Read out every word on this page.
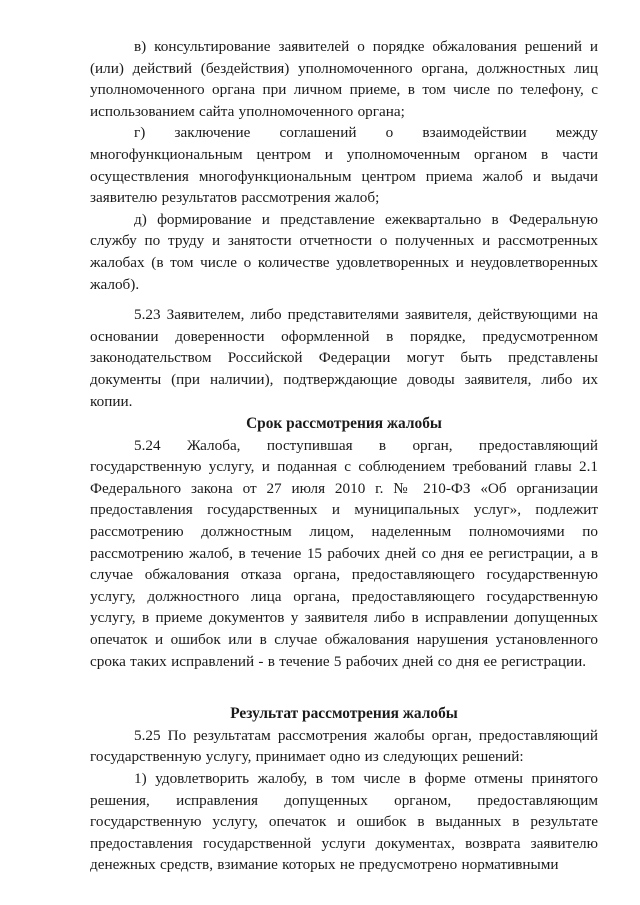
в) консультирование заявителей о порядке обжалования решений и (или) действий (бездействия) уполномоченного органа, должностных лиц уполномоченного органа при личном приеме, в том числе по телефону, с использованием сайта уполномоченного органа;

г) заключение соглашений о взаимодействии между многофункциональным центром и уполномоченным органом в части осуществления многофункциональным центром приема жалоб и выдачи заявителю результатов рассмотрения жалоб;

д) формирование и представление ежеквартально в Федеральную службу по труду и занятости отчетности о полученных и рассмотренных жалобах (в том числе о количестве удовлетворенных и неудовлетворенных жалоб).

5.23 Заявителем, либо представителями заявителя, действующими на основании доверенности оформленной в порядке, предусмотренном законодательством Российской Федерации могут быть представлены документы (при наличии), подтверждающие доводы заявителя, либо их копии.

Срок рассмотрения жалобы

5.24 Жалоба, поступившая в орган, предоставляющий государственную услугу, и поданная с соблюдением требований главы 2.1 Федерального закона от 27 июля 2010 г. № 210-ФЗ «Об организации предоставления государственных и муниципальных услуг», подлежит рассмотрению должностным лицом, наделенным полномочиями по рассмотрению жалоб, в течение 15 рабочих дней со дня ее регистрации, а в случае обжалования отказа органа, предоставляющего государственную услугу, должностного лица органа, предоставляющего государственную услугу, в приеме документов у заявителя либо в исправлении допущенных опечаток и ошибок или в случае обжалования нарушения установленного срока таких исправлений - в течение 5 рабочих дней со дня ее регистрации.

Результат рассмотрения жалобы

5.25 По результатам рассмотрения жалобы орган, предоставляющий государственную услугу, принимает одно из следующих решений:

1) удовлетворить жалобу, в том числе в форме отмены принятого решения, исправления допущенных органом, предоставляющим государственную услугу, опечаток и ошибок в выданных в результате предоставления государственной услуги документах, возврата заявителю денежных средств, взимание которых не предусмотрено нормативными
